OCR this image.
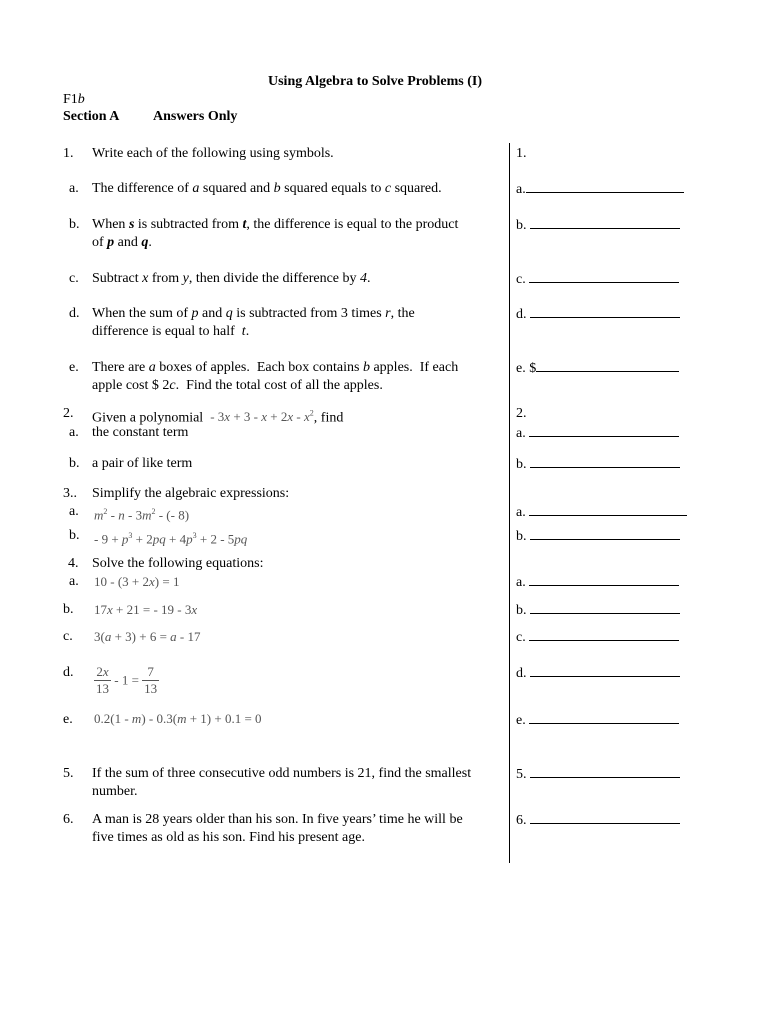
Using Algebra to Solve Problems (I)
F1b
Section A Answers Only
1. Write each of the following using symbols.	1.
a. The difference of a squared and b squared equals to c squared.	a.
b. When s is subtracted from t, the difference is equal to the product
of p and q.
b.
c. Subtract x from y, then divide the difference by 4.	c.
d. When the sum of p and q is subtracted from 3 times r, the
difference is equal to half  t.
d.
e. There are a boxes of apples.  Each box contains b apples.  If each
apple cost $ 2c.  Find the total cost of all the apples.
e. $
2. Given a polynomial - $3x + 3 - x + 2x - x^2$, find	2.
a. the constant term	a.
b. a pair of like term	b.
3.. Simplify the algebraic expressions:
a. $m^2$ - n - $3m^2$ - (- 8)	a.
b. - $9 + p^3 + 2pq + 4p^3 + 2 - 5pq$	b.
4. Solve the following equations:
a. 10 - (3 + 2x) = 1	a.
b. 17x + 21 = - 19 - 3x	b.
c. 3(a + 3) + 6 = a - 17	c.
d. $\frac{2x}{13} - 1 = \frac{7}{13}$	d.
e. 0.2(1 - m) - 0.3(m + 1) + 0.1 = 0	e.
5. If the sum of three consecutive odd numbers is 21, find the smallest
number.
5.
6. A man is 28 years older than his son. In five years’ time he will be
five times as old as his son. Find his present age.
6.
